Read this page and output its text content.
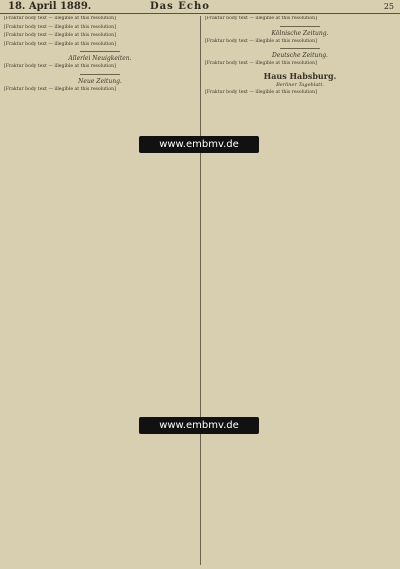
18. April 1889.	Das Echo	25
[Fraktur body text — illegible at this resolution]
[Fraktur body text — illegible at this resolution]
[Fraktur body text — illegible at this resolution]
[Fraktur body text — illegible at this resolution]
Allerlei Neuigkeiten.
[Fraktur body text — illegible at this resolution]
Neue Zeitung.
[Fraktur body text — illegible at this resolution]
[Fraktur body text — illegible at this resolution]
Kölnische Zeitung.
[Fraktur body text — illegible at this resolution]
Deutsche Zeitung.
[Fraktur body text — illegible at this resolution]
Haus Habsburg.
Berliner Tageblatt.
[Fraktur body text — illegible at this resolution]
www.embmv.de
www.embmv.de
